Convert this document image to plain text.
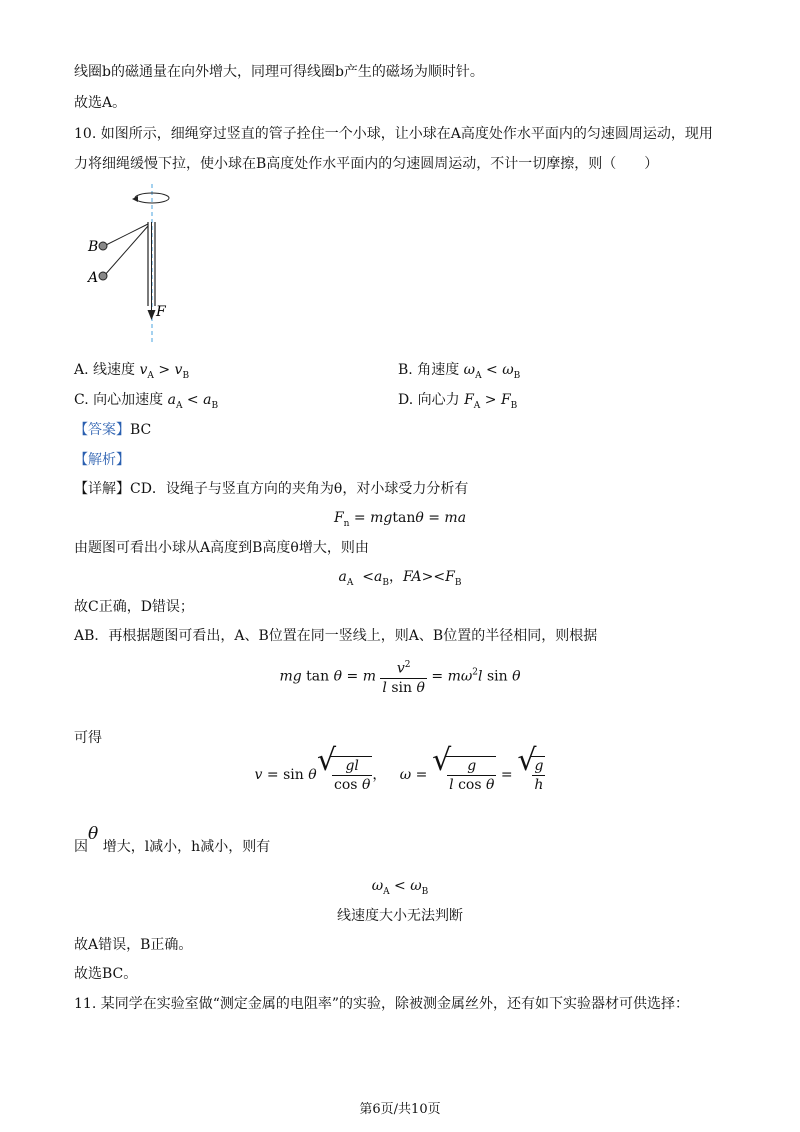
线圈b的磁通量在向外增大，同理可得线圈b产生的磁场为顺时针。
故选A。
10. 如图所示，细绳穿过竖直的管子拴住一个小球，让小球在A高度处作水平面内的匀速圆周运动，现用
力将细绳缓慢下拉，使小球在B高度处作水平面内的匀速圆周运动，不计一切摩擦，则（　　）
B
A
F
A. 线速度 $v_A > v_B$	B. 角速度 $\omega_A < \omega_B$
C. 向心加速度 $a_A < a_B$	D. 向心力 $F_A > F_B$
【答案】BC
【解析】
【详解】CD．设绳子与竖直方向的夹角为θ，对小球受力分析有
$F_n = mgtan\theta$ = ma
由题图可看出小球从A高度到B高度θ增大，则由
$a_A <a_B$，$FA><F_B$
故C正确，D错误；
AB．再根据题图可看出，A、B位置在同一竖线上，则A、B位置的半径相同，则根据
mg tan θ = m $\frac{v^2}{\text{l sin θ}} = m\omega^2l$ sin θ
可得
v = sin θ √ $\frac{gl}{\text{cos θ}}$ ，   ω = √ $\frac{g}{\text{l cos θ}}$ = √ $\frac{g}{h}$
因θ 增大，l减小，h减小，则有
$\omega_A < \omega_B$
线速度大小无法判断
故A错误，B正确。
故选BC。
11. 某同学在实验室做“测定金属的电阻率”的实验，除被测金属丝外，还有如下实验器材可供选择：
第6页/共10页
